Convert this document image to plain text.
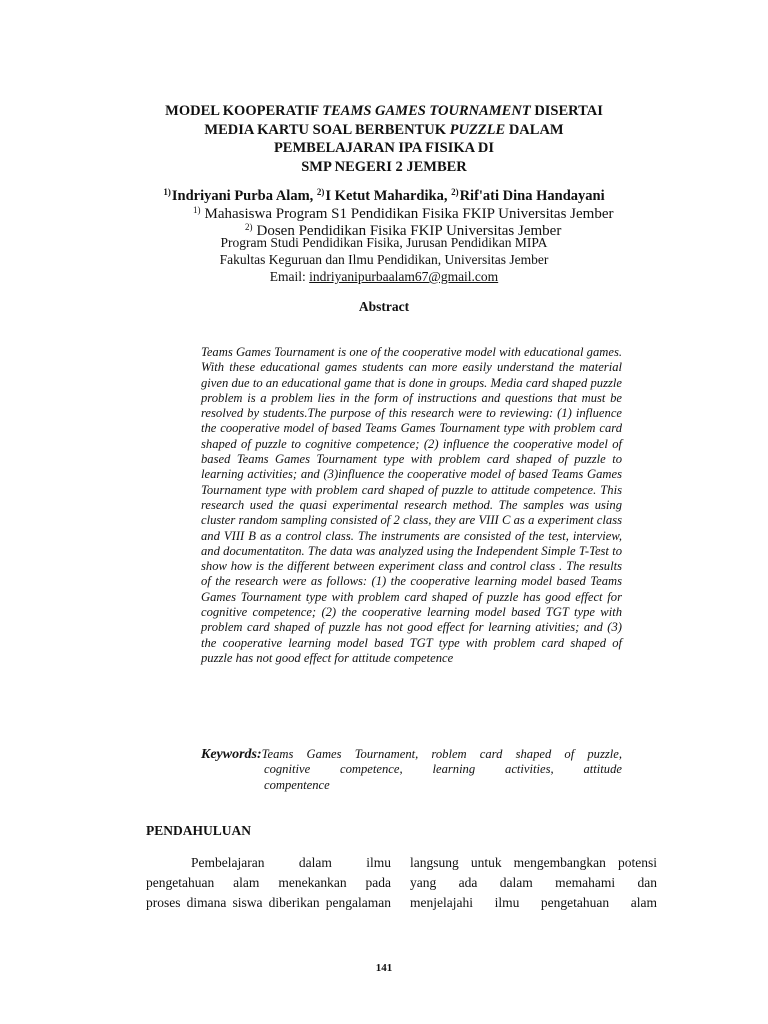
MODEL KOOPERATIF TEAMS GAMES TOURNAMENT DISERTAI
MEDIA KARTU SOAL BERBENTUK PUZZLE DALAM
PEMBELAJARAN IPA FISIKA DI
SMP NEGERI 2 JEMBER
$^{1)}$Indriyani Purba Alam, $^{2)}$I Ketut Mahardika, $^{2)}$Rif'ati Dina Handayani
$^{1)}$ Mahasiswa Program S1 Pendidikan Fisika FKIP Universitas Jember
$^{2)}$ Dosen Pendidikan Fisika FKIP Universitas Jember
Program Studi Pendidikan Fisika, Jurusan Pendidikan MIPA
Fakultas Keguruan dan Ilmu Pendidikan, Universitas Jember
Email: indriyanipurbaalam67@gmail.com
Abstract
Teams Games Tournament is one of the cooperative model with educational games. With these educational games students can more easily understand the material given due to an educational game that is done in groups. Media card shaped puzzle problem is a problem lies in the form of instructions and questions that must be resolved by students.The purpose of this research were to reviewing: (1) influence the cooperative model of based Teams Games Tournament type with problem card shaped of puzzle to cognitive competence; (2) influence the cooperative model of based Teams Games Tournament type with problem card shaped of puzzle to learning activities; and (3)influence the cooperative model of based Teams Games Tournament type with problem card shaped of puzzle to attitude competence. This research used the quasi experimental research method. The samples was using cluster random sampling consisted of 2 class, they are VIII C as a experiment class and VIII B as a control class. The instruments are consisted of the test, interview, and documentatiton. The data was analyzed using the Independent Simple T-Test to show how is the different between experiment class and control class . The results of the research were as follows: (1) the cooperative learning model based Teams Games Tournament type with problem card shaped of puzzle has good effect for cognitive competence; (2) the cooperative learning model based TGT type with problem card shaped of puzzle has not good effect for learning ativities; and (3) the cooperative learning model based TGT type with problem card shaped of puzzle has not good effect for attitude competence
Keywords: Teams Games Tournament, roblem card shaped of puzzle,
cognitive competence, learning activities, attitude
compentence
PENDAHULUAN
Pembelajaran dalam ilmu
pengetahuan alam menekankan pada
proses dimana siswa diberikan pengalaman
langsung untuk mengembangkan potensi
yang ada dalam memahami dan
menjelajahi ilmu pengetahuan alam
141
